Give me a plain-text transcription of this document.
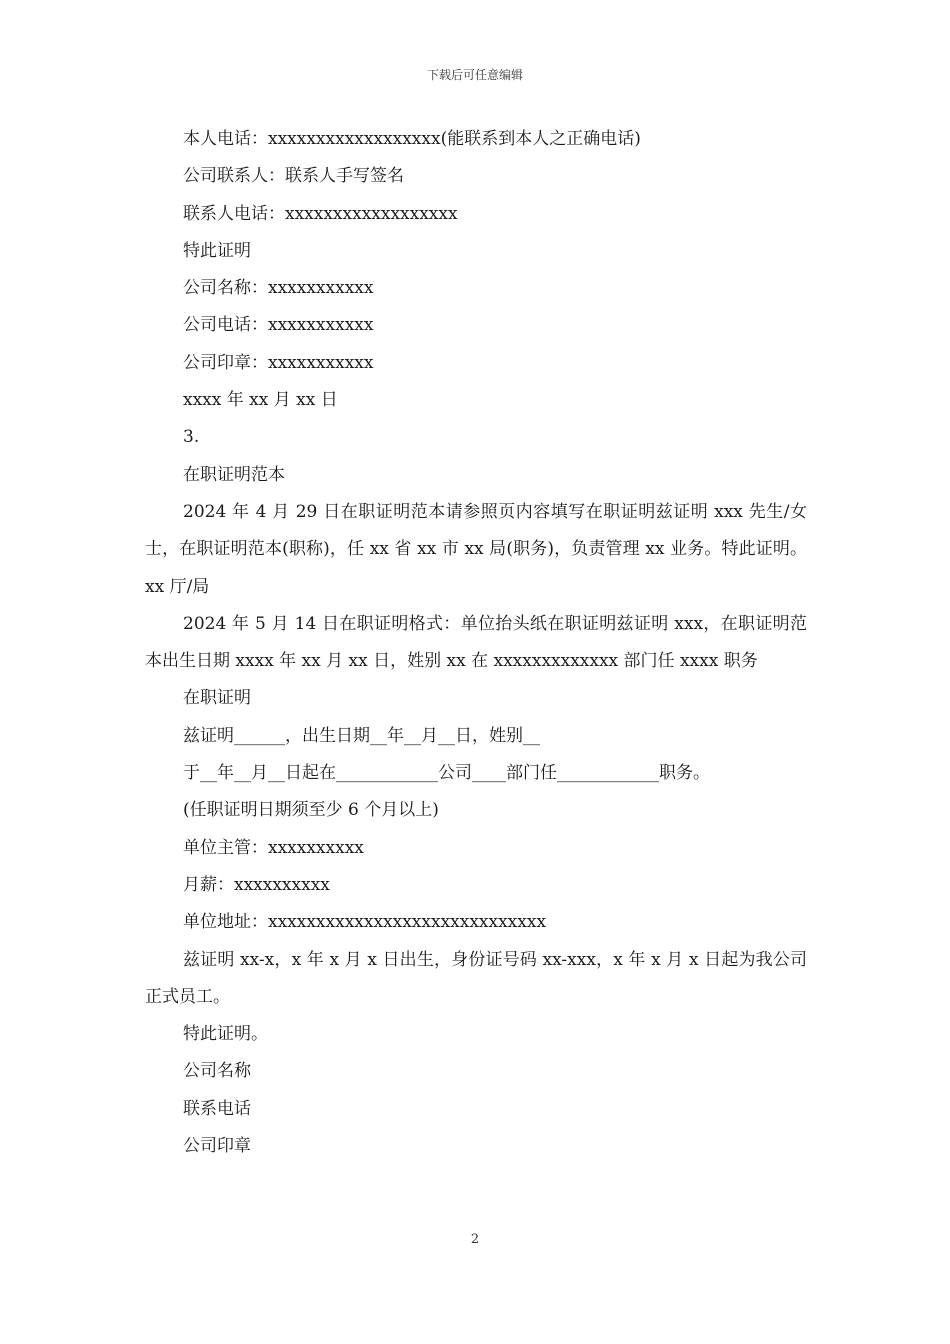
下载后可任意编辑

本人电话：xxxxxxxxxxxxxxxxxx(能联系到本人之正确电话)

公司联系人：联系人手写签名

联系人电话：xxxxxxxxxxxxxxxxxx

特此证明

公司名称：xxxxxxxxxxx

公司电话：xxxxxxxxxxx

公司印章：xxxxxxxxxxx

xxxx 年 xx 月 xx 日

3.

在职证明范本

2024 年 4 月 29 日在职证明范本请参照页内容填写在职证明兹证明 xxx 先生/女士，在职证明范本(职称)，任 xx 省 xx 市 xx 局(职务)，负责管理 xx 业务。特此证明。xx 厅/局

2024 年 5 月 14 日在职证明格式：单位抬头纸在职证明兹证明 xxx，在职证明范本出生日期 xxxx 年 xx 月 xx 日，姓别 xx 在 xxxxxxxxxxxxx 部门任 xxxx 职务

在职证明

兹证明______，出生日期__年__月__日，姓别__

于__年__月__日起在____________公司____部门任____________职务。

(任职证明日期须至少 6 个月以上)

单位主管：xxxxxxxxxx

月薪：xxxxxxxxxx

单位地址：xxxxxxxxxxxxxxxxxxxxxxxxxxxxx

兹证明 xx-x，x 年 x 月 x 日出生，身份证号码 xx-xxx，x 年 x 月 x 日起为我公司正式员工。

特此证明。

公司名称

联系电话

公司印章

2
